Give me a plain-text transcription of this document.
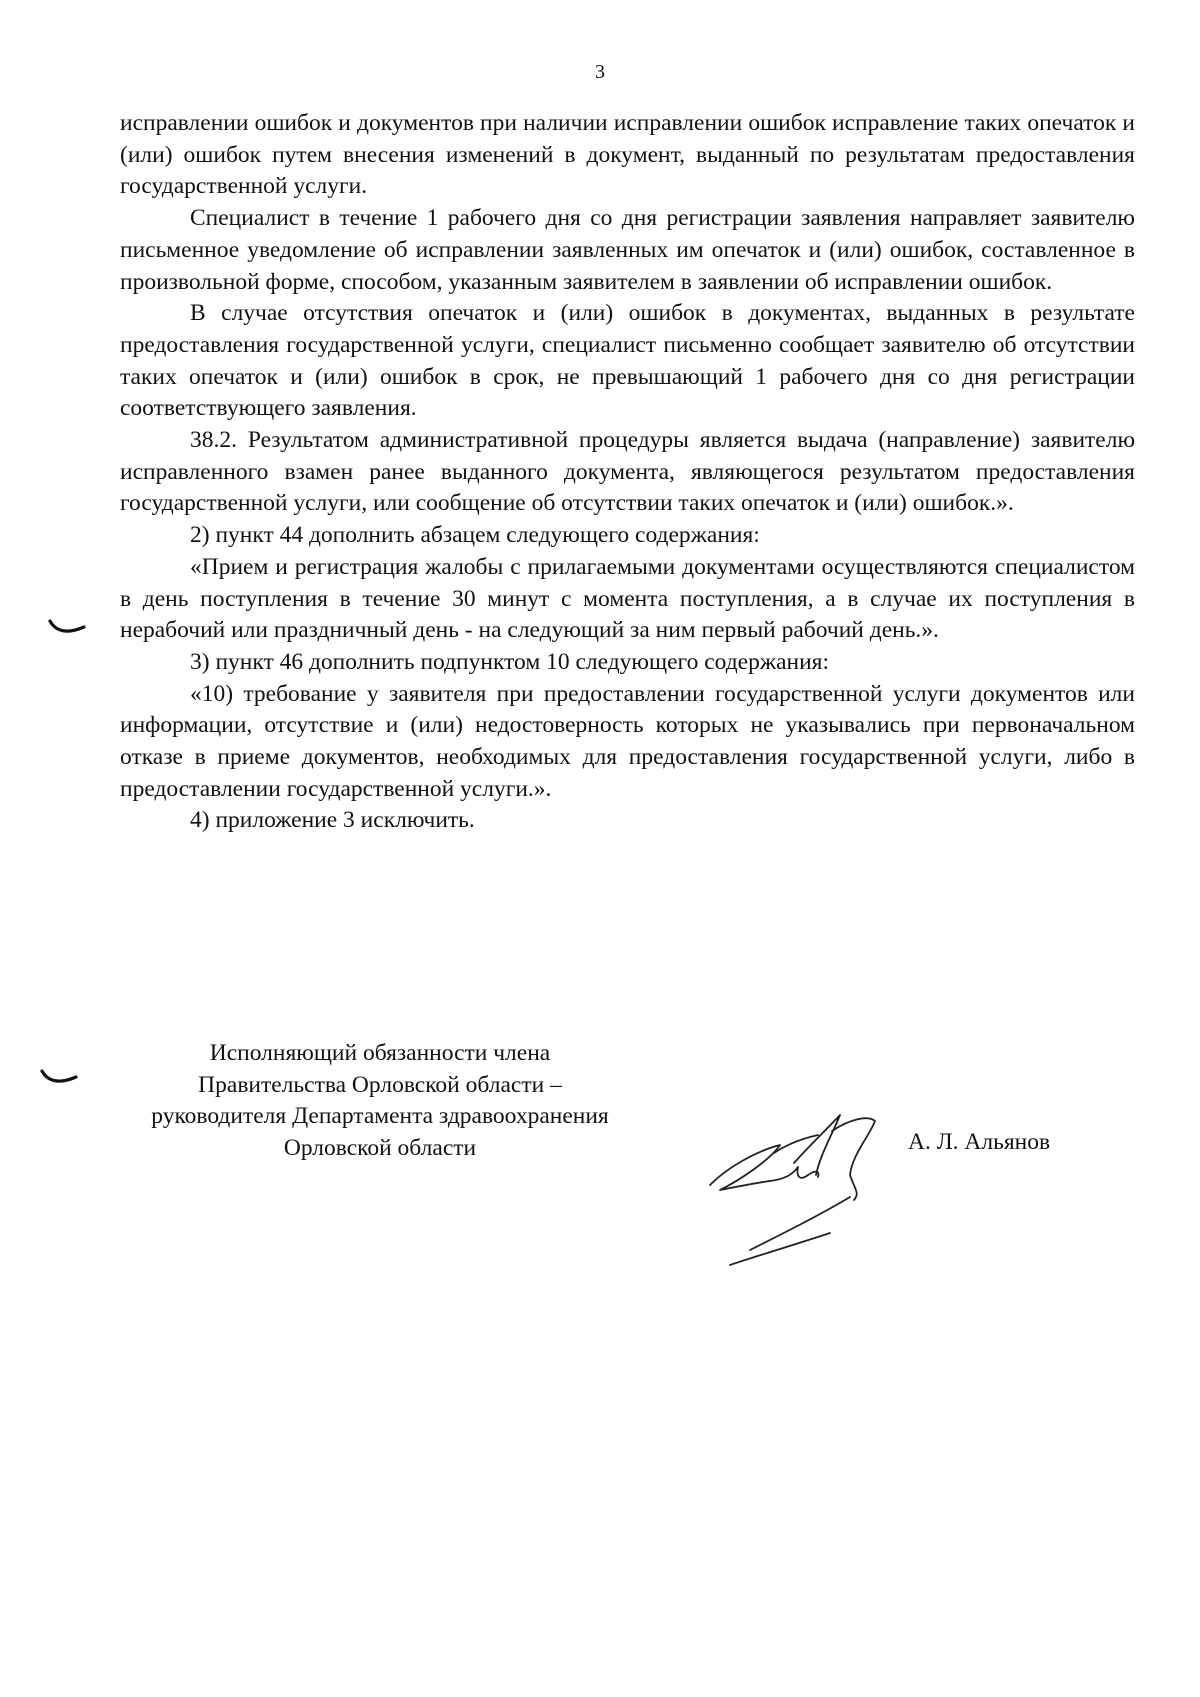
3

исправлении ошибок и документов при наличии исправлении ошибок исправление таких опечаток и (или) ошибок путем внесения изменений в документ, выданный по результатам предоставления государственной услуги.

Специалист в течение 1 рабочего дня со дня регистрации заявления направляет заявителю письменное уведомление об исправлении заявленных им опечаток и (или) ошибок, составленное в произвольной форме, способом, указанным заявителем в заявлении об исправлении ошибок.

В случае отсутствия опечаток и (или) ошибок в документах, выданных в результате предоставления государственной услуги, специалист письменно сообщает заявителю об отсутствии таких опечаток и (или) ошибок в срок, не превышающий 1 рабочего дня со дня регистрации соответствующего заявления.

38.2. Результатом административной процедуры является выдача (направление) заявителю исправленного взамен ранее выданного документа, являющегося результатом предоставления государственной услуги, или сообщение об отсутствии таких опечаток и (или) ошибок.».

2) пункт 44 дополнить абзацем следующего содержания:

«Прием и регистрация жалобы с прилагаемыми документами осуществляются специалистом в день поступления в течение 30 минут с момента поступления, а в случае их поступления в нерабочий или праздничный день - на следующий за ним первый рабочий день.».

3) пункт 46 дополнить подпунктом 10 следующего содержания:

«10) требование у заявителя при предоставлении государственной услуги документов или информации, отсутствие и (или) недостоверность которых не указывались при первоначальном отказе в приеме документов, необходимых для предоставления государственной услуги, либо в предоставлении государственной услуги.».

4) приложение 3 исключить.

Исполняющий обязанности члена
Правительства Орловской области –
руководителя Департамента здравоохранения
Орловской области	А. Л. Альянов
